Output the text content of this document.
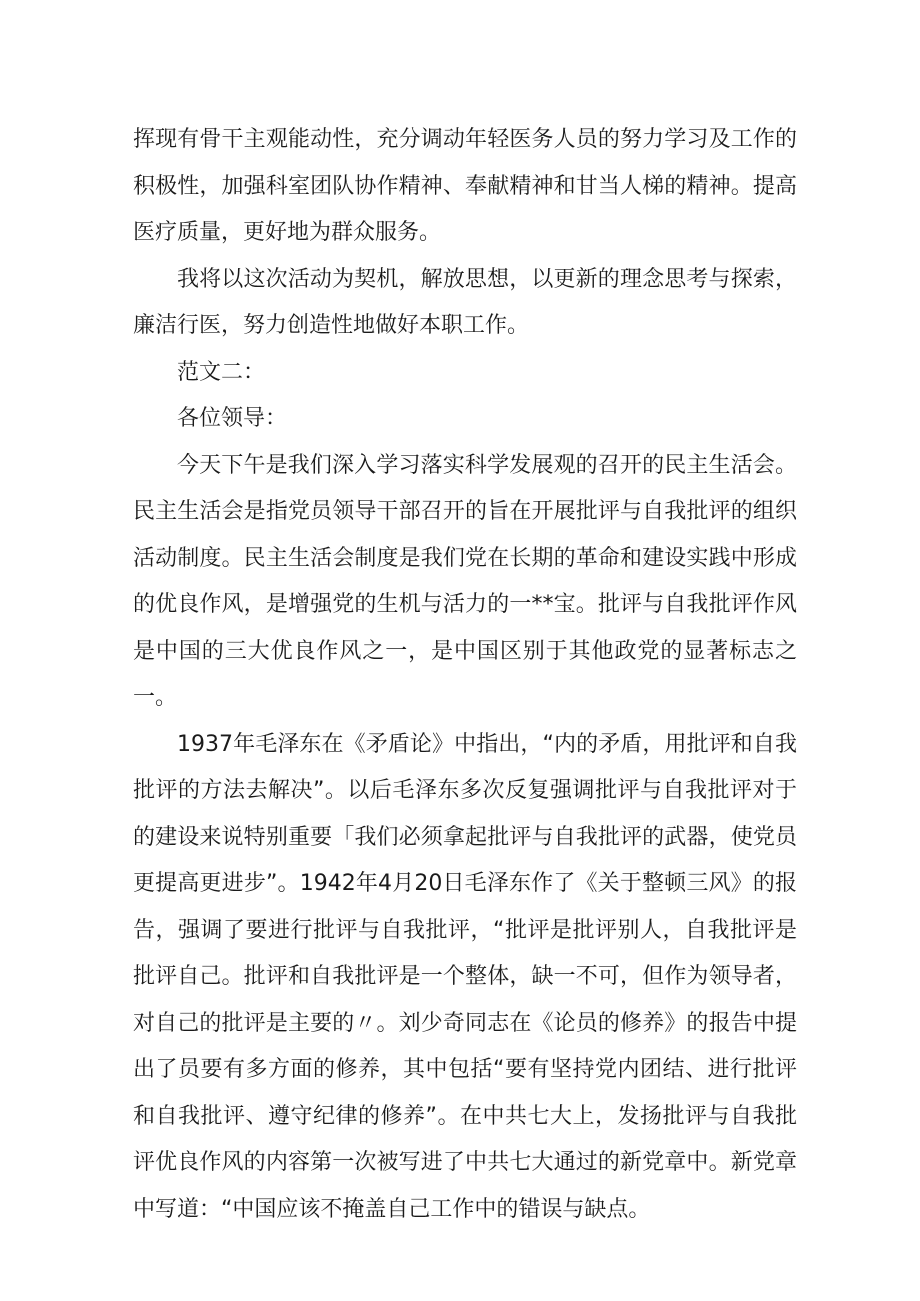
挥现有骨干主观能动性，充分调动年轻医务人员的努力学习及工作的积极性，加强科室团队协作精神、奉献精神和甘当人梯的精神。提高医疗质量，更好地为群众服务。

我将以这次活动为契机，解放思想，以更新的理念思考与探索，廉洁行医，努力创造性地做好本职工作。

范文二：

各位领导：

今天下午是我们深入学习落实科学发展观的召开的民主生活会。民主生活会是指党员领导干部召开的旨在开展批评与自我批评的组织活动制度。民主生活会制度是我们党在长期的革命和建设实践中形成的优良作风，是增强党的生机与活力的一**宝。批评与自我批评作风是中国的三大优良作风之一，是中国区别于其他政党的显著标志之一。

1937年毛泽东在《矛盾论》中指出，“内的矛盾，用批评和自我批评的方法去解决”。以后毛泽东多次反复强调批评与自我批评对于的建设来说特别重要「我们必须拿起批评与自我批评的武器，使党员更提高更进步”。1942年4月20日毛泽东作了《关于整顿三风》的报告，强调了要进行批评与自我批评，“批评是批评别人，自我批评是批评自己。批评和自我批评是一个整体，缺一不可，但作为领导者，对自己的批评是主要的〃。刘少奇同志在《论员的修养》的报告中提出了员要有多方面的修养，其中包括“要有坚持党内团结、进行批评和自我批评、遵守纪律的修养”。在中共七大上，发扬批评与自我批评优良作风的内容第一次被写进了中共七大通过的新党章中。新党章中写道：“中国应该不掩盖自己工作中的错误与缺点。
